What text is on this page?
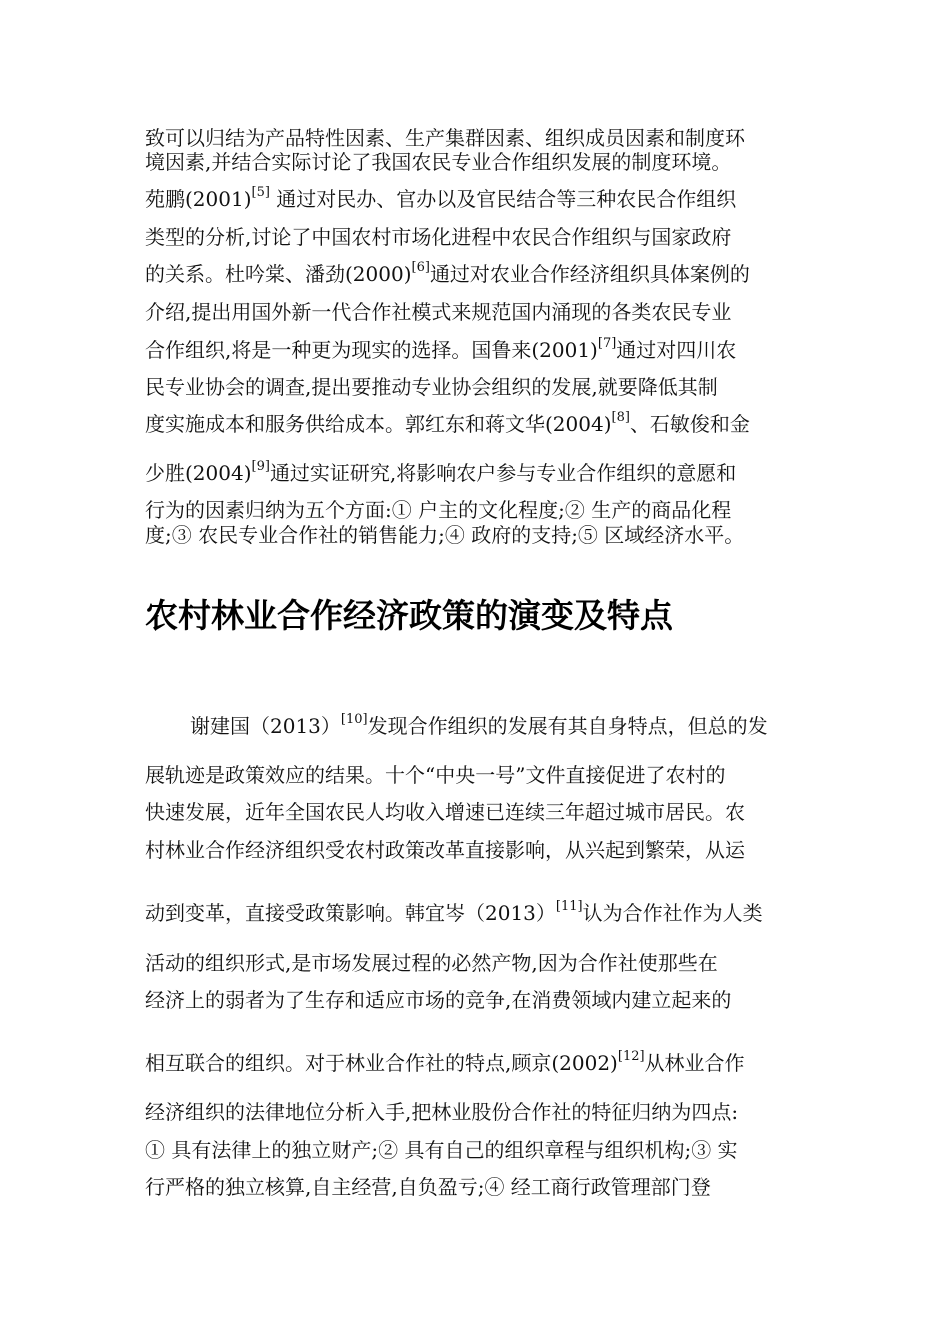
致可以归结为产品特性因素、生产集群因素、组织成员因素和制度环
境因素,并结合实际讨论了我国农民专业合作组织发展的制度环境。
苑鹏(2001)[5] 通过对民办、官办以及官民结合等三种农民合作组织
类型的分析,讨论了中国农村市场化进程中农民合作组织与国家政府
的关系。杜吟棠、潘劲(2000)[6]通过对农业合作经济组织具体案例的
介绍,提出用国外新一代合作社模式来规范国内涌现的各类农民专业
合作组织,将是一种更为现实的选择。国鲁来(2001)[7]通过对四川农
民专业协会的调查,提出要推动专业协会组织的发展,就要降低其制
度实施成本和服务供给成本。郭红东和蒋文华(2004)[8]、石敏俊和金
少胜(2004)[9]通过实证研究,将影响农户参与专业合作组织的意愿和
行为的因素归纳为五个方面:① 户主的文化程度;② 生产的商品化程
度;③ 农民专业合作社的销售能力;④ 政府的支持;⑤ 区域经济水平。
农村林业合作经济政策的演变及特点
谢建国（2013）[10]发现合作组织的发展有其自身特点，但总的发
展轨迹是政策效应的结果。十个“中央一号”文件直接促进了农村的
快速发展，近年全国农民人均收入增速已连续三年超过城市居民。农
村林业合作经济组织受农村政策改革直接影响，从兴起到繁荣，从运
动到变革，直接受政策影响。韩宜岑（2013）[11]认为合作社作为人类
活动的组织形式,是市场发展过程的必然产物,因为合作社使那些在
经济上的弱者为了生存和适应市场的竞争,在消费领域内建立起来的
相互联合的组织。对于林业合作社的特点,顾京(2002)[12]从林业合作
经济组织的法律地位分析入手,把林业股份合作社的特征归纳为四点:
① 具有法律上的独立财产;② 具有自己的组织章程与组织机构;③ 实
行严格的独立核算,自主经营,自负盈亏;④ 经工商行政管理部门登
